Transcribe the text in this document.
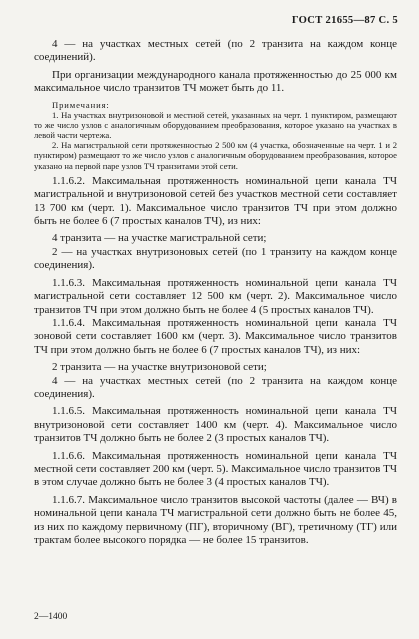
ГОСТ 21655—87 С. 5

4 — на участках местных сетей (по 2 транзита на каждом конце соединений).

При организации международного канала протяженностью до 25 000 км максимальное число транзитов ТЧ может быть до 11.

Примечания:

1. На участках внутризоновой и местной сетей, указанных на черт. 1 пунктиром, размещают то же число узлов с аналогичным оборудованием преобразования, которое указано на участках в левой части чертежа.

2. На магистральной сети протяженностью 2 500 км (4 участка, обозначенные на черт. 1 и 2 пунктиром) размещают то же число узлов с аналогичным оборудованием преобразования, которое указано на первой паре узлов ТЧ транзитами этой сети.

1.1.6.2. Максимальная протяженность номинальной цепи канала ТЧ магистральной и внутризоновой сетей без участков местной сети составляет 13 700 км (черт. 1). Максимальное число транзитов ТЧ при этом должно быть не более 6 (7 простых каналов ТЧ), из них:

4 транзита — на участке магистральной сети;

2 — на участках внутризоновых сетей (по 1 транзиту на каждом конце соединения).

1.1.6.3. Максимальная протяженность номинальной цепи канала ТЧ магистральной сети составляет 12 500 км (черт. 2). Максимальное число транзитов ТЧ при этом должно быть не более 4 (5 простых каналов ТЧ).

1.1.6.4. Максимальная протяженность номинальной цепи канала ТЧ зоновой сети составляет 1600 км (черт. 3). Максимальное число транзитов ТЧ при этом должно быть не более 6 (7 простых каналов ТЧ), из них:

2 транзита — на участке внутризоновой сети;

4 — на участках местных сетей (по 2 транзита на каждом конце соединения).

1.1.6.5. Максимальная протяженность номинальной цепи канала ТЧ внутризоновой сети составляет 1400 км (черт. 4). Максимальное число транзитов ТЧ должно быть не более 2 (3 простых каналов ТЧ).

1.1.6.6. Максимальная протяженность номинальной цепи канала ТЧ местной сети составляет 200 км (черт. 5). Максимальное число транзитов ТЧ в этом случае должно быть не более 3 (4 простых каналов ТЧ).

1.1.6.7. Максимальное число транзитов высокой частоты (далее — ВЧ) в номинальной цепи канала ТЧ магистральной сети должно быть не более 45, из них по каждому первичному (ПГ), вторичному (ВГ), третичному (ТГ) или трактам более высокого порядка — не более 15 транзитов.

2—1400
